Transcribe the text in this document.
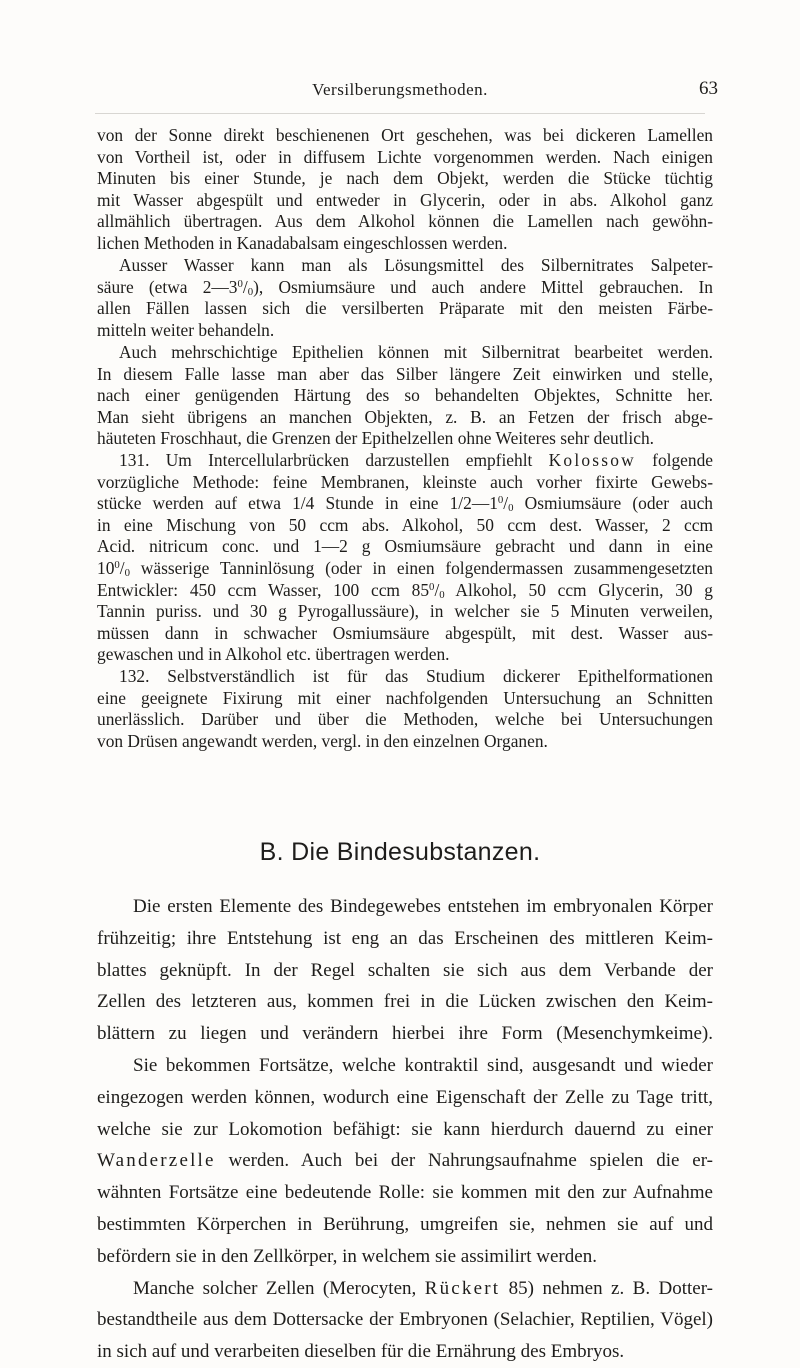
Versilberungsmethoden.	63

von der Sonne direkt beschienenen Ort geschehen, was bei dickeren Lamellen
von Vortheil ist, oder in diffusem Lichte vorgenommen werden. Nach einigen
Minuten bis einer Stunde, je nach dem Objekt, werden die Stücke tüchtig
mit Wasser abgespült und entweder in Glycerin, oder in abs. Alkohol ganz
allmählich übertragen. Aus dem Alkohol können die Lamellen nach gewöhn-
lichen Methoden in Kanadabalsam eingeschlossen werden.

Ausser Wasser kann man als Lösungsmittel des Silbernitrates Salpeter-
säure (etwa $2—3^0/_0$), Osmiumsäure und auch andere Mittel gebrauchen. In
allen Fällen lassen sich die versilberten Präparate mit den meisten Färbe-
mitteln weiter behandeln.

Auch mehrschichtige Epithelien können mit Silbernitrat bearbeitet werden.
In diesem Falle lasse man aber das Silber längere Zeit einwirken und stelle,
nach einer genügenden Härtung des so behandelten Objektes, Schnitte her.
Man sieht übrigens an manchen Objekten, z. B. an Fetzen der frisch abge-
häuteten Froschhaut, die Grenzen der Epithelzellen ohne Weiteres sehr deutlich.

131. Um Intercellularbrücken darzustellen empfiehlt Kolossow folgende
vorzügliche Methode: feine Membranen, kleinste auch vorher fixirte Gewebs-
stücke werden auf etwa 1/4 Stunde in eine $1/2—1^0/_0$ Osmiumsäure (oder auch
in eine Mischung von 50 ccm abs. Alkohol, 50 ccm dest. Wasser, 2 ccm
Acid. nitricum conc. und 1—2 g Osmiumsäure gebracht und dann in eine
$10^0/_0$ wässerige Tanninlösung (oder in einen folgendermassen zusammengesetzten
Entwickler: 450 ccm Wasser, 100 ccm $85^0/_0$ Alkohol, 50 ccm Glycerin, 30 g
Tannin puriss. und 30 g Pyrogallussäure), in welcher sie 5 Minuten verweilen,
müssen dann in schwacher Osmiumsäure abgespült, mit dest. Wasser aus-
gewaschen und in Alkohol etc. übertragen werden.

132. Selbstverständlich ist für das Studium dickerer Epithelformationen
eine geeignete Fixirung mit einer nachfolgenden Untersuchung an Schnitten
unerlässlich. Darüber und über die Methoden, welche bei Untersuchungen
von Drüsen angewandt werden, vergl. in den einzelnen Organen.

B. Die Bindesubstanzen.

Die ersten Elemente des Bindegewebes entstehen im embryonalen Körper
frühzeitig; ihre Entstehung ist eng an das Erscheinen des mittleren Keim-
blattes geknüpft. In der Regel schalten sie sich aus dem Verbande der
Zellen des letzteren aus, kommen frei in die Lücken zwischen den Keim-
blättern zu liegen und verändern hierbei ihre Form (Mesenchymkeime).
Sie bekommen Fortsätze, welche kontraktil sind, ausgesandt und wieder
eingezogen werden können, wodurch eine Eigenschaft der Zelle zu Tage tritt,
welche sie zur Lokomotion befähigt: sie kann hierdurch dauernd zu einer
Wanderzelle werden. Auch bei der Nahrungsaufnahme spielen die er-
wähnten Fortsätze eine bedeutende Rolle: sie kommen mit den zur Aufnahme
bestimmten Körperchen in Berührung, umgreifen sie, nehmen sie auf und
befördern sie in den Zellkörper, in welchem sie assimilirt werden.
Manche solcher Zellen (Merocyten, Rückert 85) nehmen z. B. Dotter-
bestandtheile aus dem Dottersacke der Embryonen (Selachier, Reptilien, Vögel)
in sich auf und verarbeiten dieselben für die Ernährung des Embryos.
